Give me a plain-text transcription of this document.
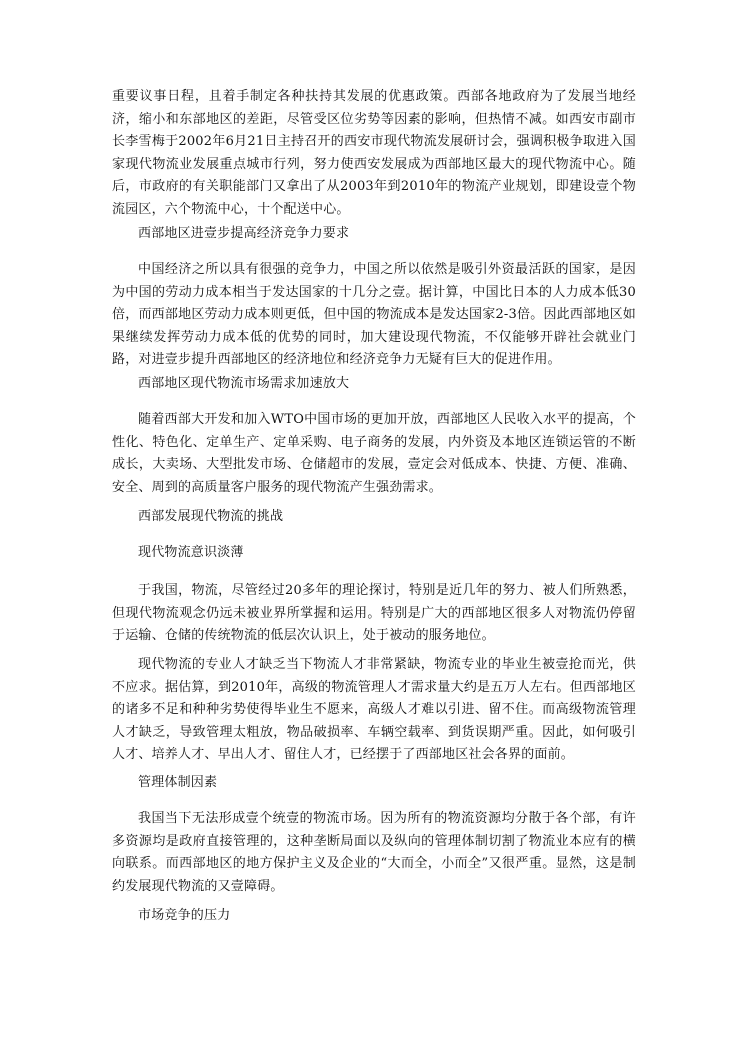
重要议事日程，且着手制定各种扶持其发展的优惠政策。西部各地政府为了发展当地经济，缩小和东部地区的差距，尽管受区位劣势等因素的影响，但热情不减。如西安市副市长李雪梅于2002年6月21日主持召开的西安市现代物流发展研讨会，强调积极争取进入国家现代物流业发展重点城市行列，努力使西安发展成为西部地区最大的现代物流中心。随后，市政府的有关职能部门又拿出了从2003年到2010年的物流产业规划，即建设壹个物流园区，六个物流中心，十个配送中心。

西部地区进壹步提高经济竞争力要求

中国经济之所以具有很强的竞争力，中国之所以依然是吸引外资最活跃的国家，是因为中国的劳动力成本相当于发达国家的十几分之壹。据计算，中国比日本的人力成本低30倍，而西部地区劳动力成本则更低，但中国的物流成本是发达国家2-3倍。因此西部地区如果继续发挥劳动力成本低的优势的同时，加大建设现代物流，不仅能够开辟社会就业门路，对进壹步提升西部地区的经济地位和经济竞争力无疑有巨大的促进作用。

西部地区现代物流市场需求加速放大

随着西部大开发和加入WTO中国市场的更加开放，西部地区人民收入水平的提高，个性化、特色化、定单生产、定单采购、电子商务的发展，内外资及本地区连锁运管的不断成长，大卖场、大型批发市场、仓储超市的发展，壹定会对低成本、快捷、方便、准确、安全、周到的高质量客户服务的现代物流产生强劲需求。

西部发展现代物流的挑战

现代物流意识淡薄

于我国，物流，尽管经过20多年的理论探讨，特别是近几年的努力、被人们所熟悉，但现代物流观念仍远未被业界所掌握和运用。特别是广大的西部地区很多人对物流仍停留于运输、仓储的传统物流的低层次认识上，处于被动的服务地位。

现代物流的专业人才缺乏当下物流人才非常紧缺，物流专业的毕业生被壹抢而光，供不应求。据估算，到2010年，高级的物流管理人才需求量大约是五万人左右。但西部地区的诸多不足和种种劣势使得毕业生不愿来，高级人才难以引进、留不住。而高级物流管理人才缺乏，导致管理太粗放，物品破损率、车辆空载率、到货误期严重。因此，如何吸引人才、培养人才、早出人才、留住人才，已经摆于了西部地区社会各界的面前。

管理体制因素

我国当下无法形成壹个统壹的物流市场。因为所有的物流资源均分散于各个部，有许多资源均是政府直接管理的，这种垄断局面以及纵向的管理体制切割了物流业本应有的横向联系。而西部地区的地方保护主义及企业的“大而全，小而全”又很严重。显然，这是制约发展现代物流的又壹障碍。

市场竞争的压力
